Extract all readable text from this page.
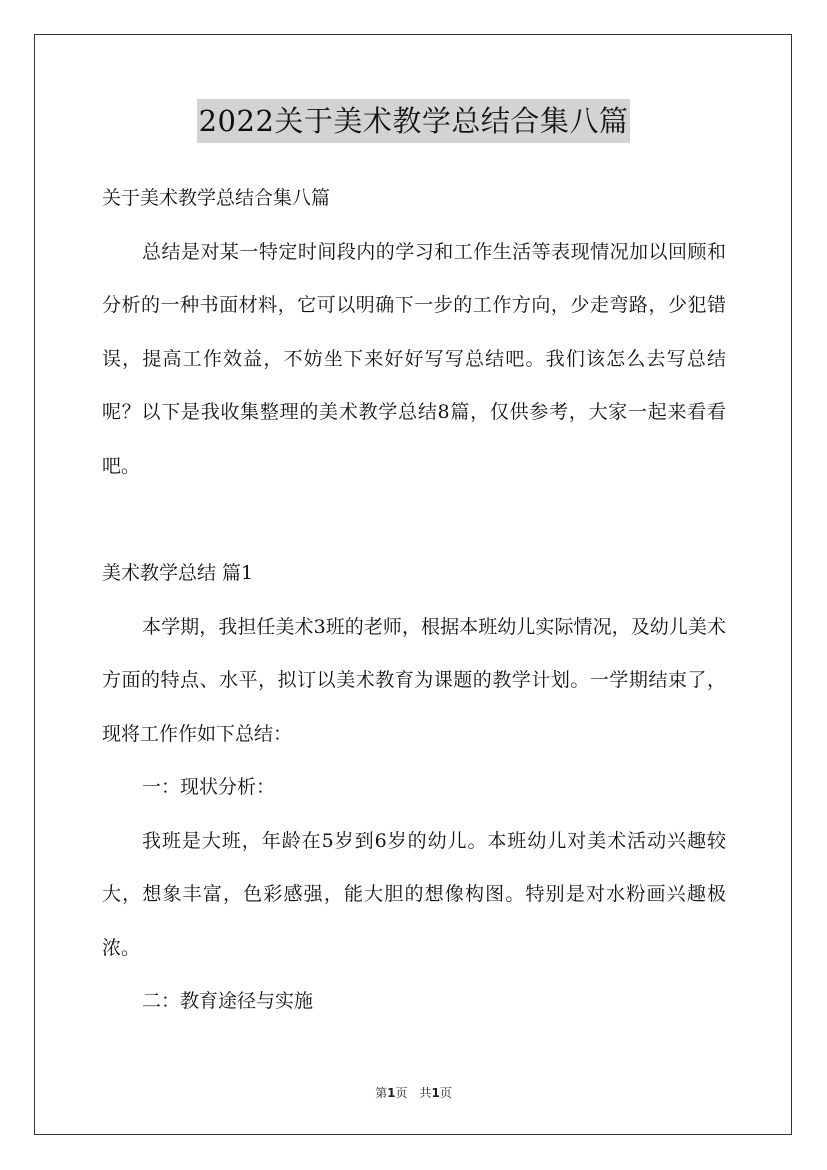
2022关于美术教学总结合集八篇

关于美术教学总结合集八篇

总结是对某一特定时间段内的学习和工作生活等表现情况加以回顾和分析的一种书面材料，它可以明确下一步的工作方向，少走弯路，少犯错误，提高工作效益，不妨坐下来好好写写总结吧。我们该怎么去写总结呢？以下是我收集整理的美术教学总结8篇，仅供参考，大家一起来看看吧。

美术教学总结 篇1

本学期，我担任美术3班的老师，根据本班幼儿实际情况，及幼儿美术方面的特点、水平，拟订以美术教育为课题的教学计划。一学期结束了，现将工作作如下总结：

一：现状分析：

我班是大班，年龄在5岁到6岁的幼儿。本班幼儿对美术活动兴趣较大，想象丰富，色彩感强，能大胆的想像构图。特别是对水粉画兴趣极浓。

二：教育途径与实施

第1页　共1页
